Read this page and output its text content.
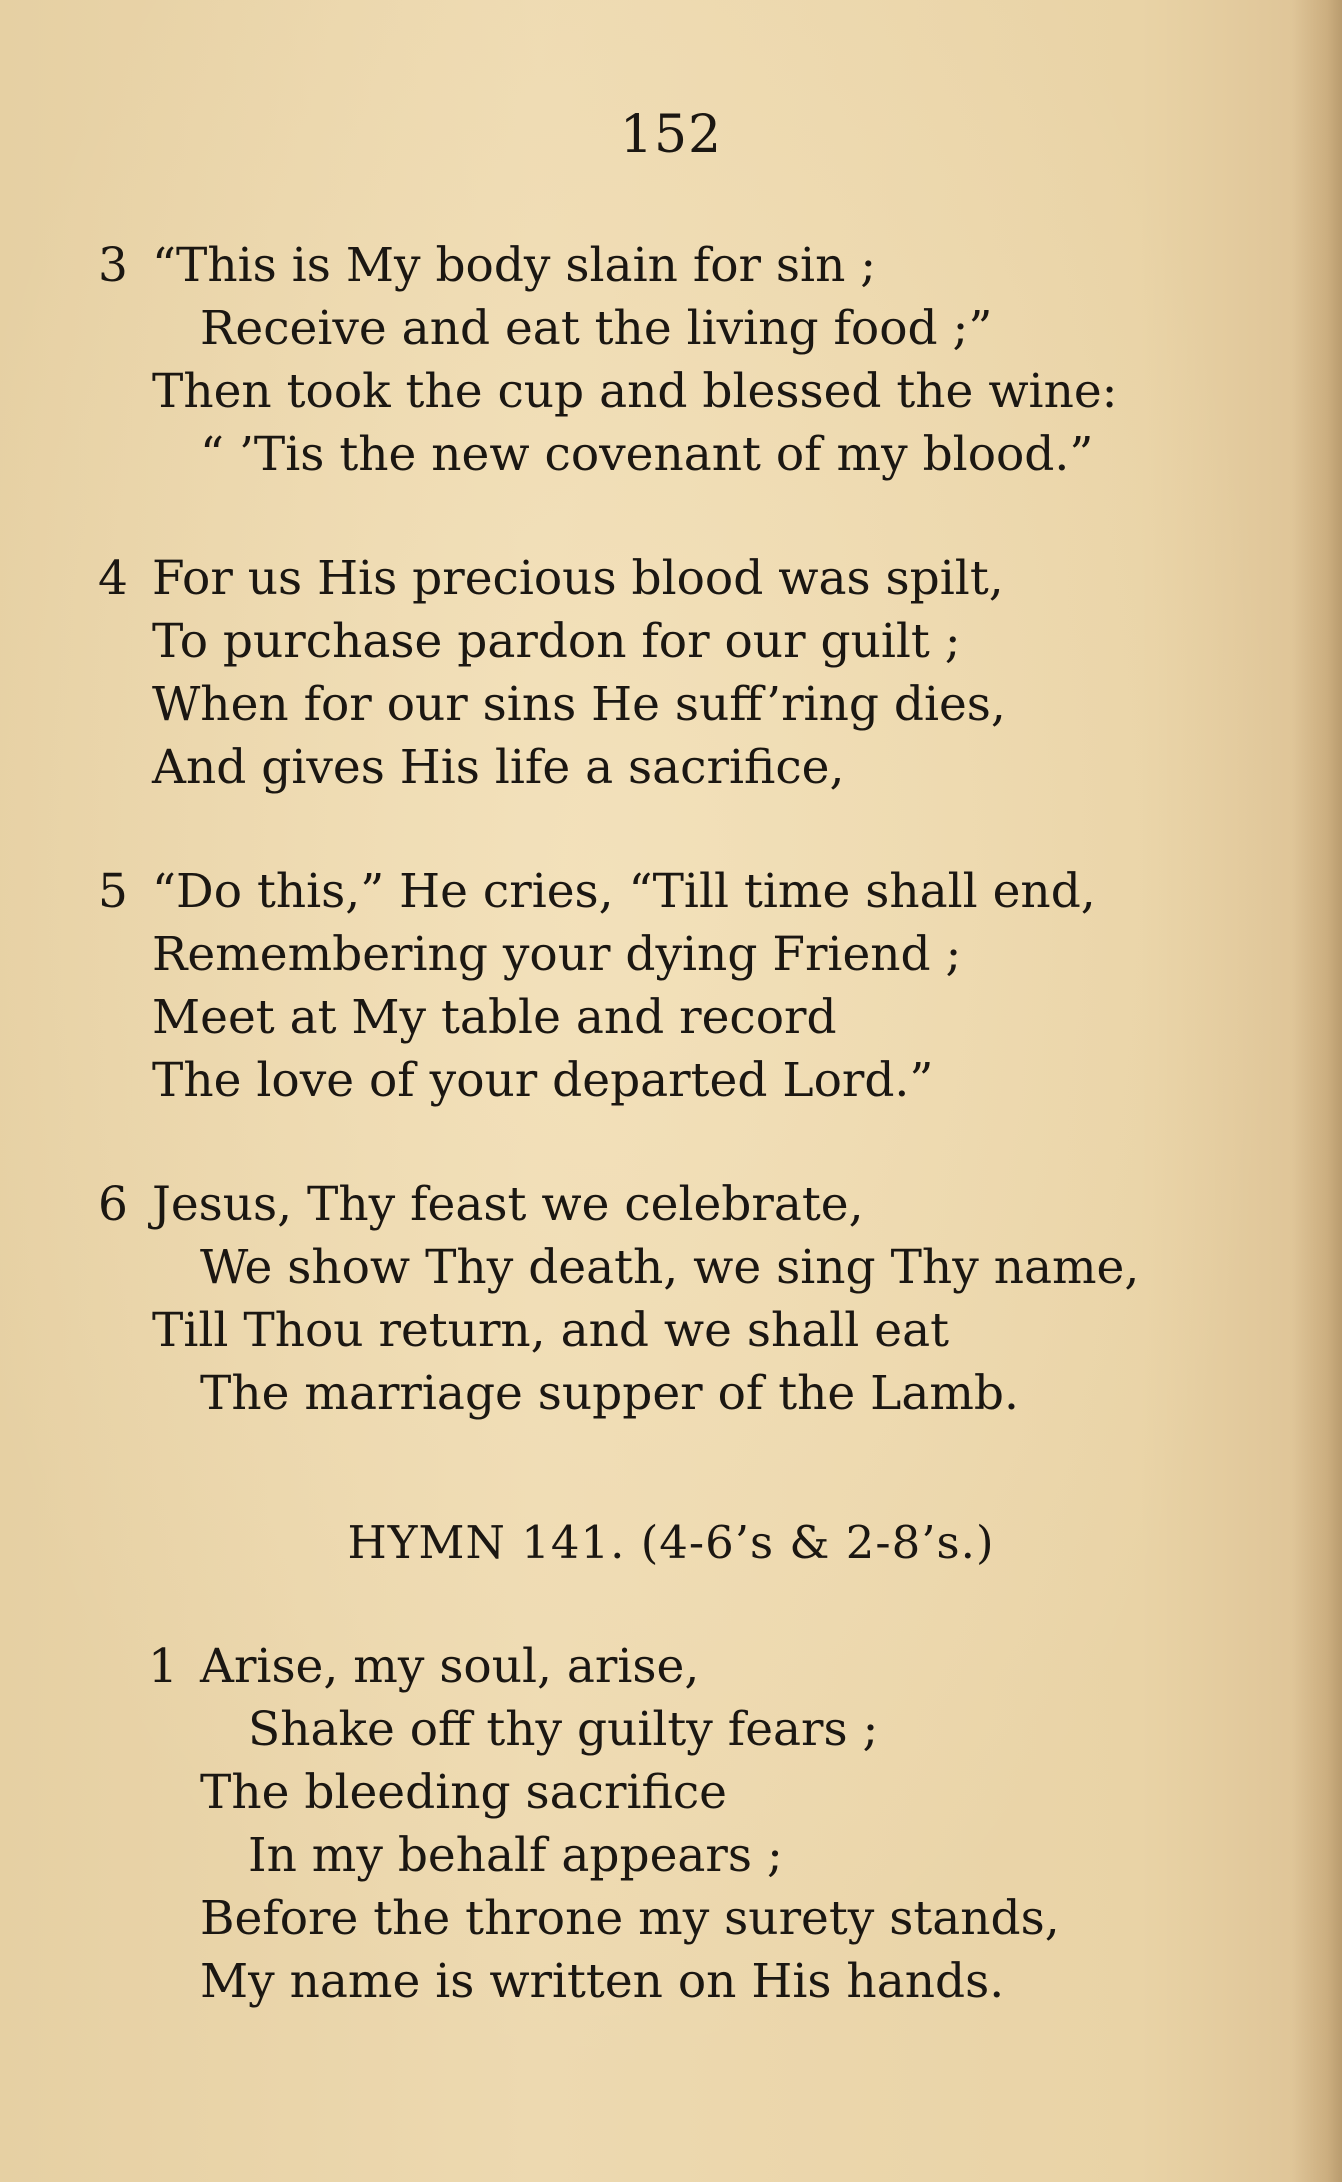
152
3 “This is My body slain for sin ;
Receive and eat the living food ;”
Then took the cup and blessed the wine:
“ ’Tis the new covenant of my blood.”
4 For us His precious blood was spilt,
To purchase pardon for our guilt ;
When for our sins He suff’ring dies,
And gives His life a sacrifice,
5 “Do this,” He cries, “Till time shall end,
Remembering your dying Friend ;
Meet at My table and record
The love of your departed Lord.”
6 Jesus, Thy feast we celebrate,
We show Thy death, we sing Thy name,
Till Thou return, and we shall eat
The marriage supper of the Lamb.
HYMN 141. (4-6’s & 2-8’s.)
1 Arise, my soul, arise,
Shake off thy guilty fears ;
The bleeding sacrifice
In my behalf appears ;
Before the throne my surety stands,
My name is written on His hands.
